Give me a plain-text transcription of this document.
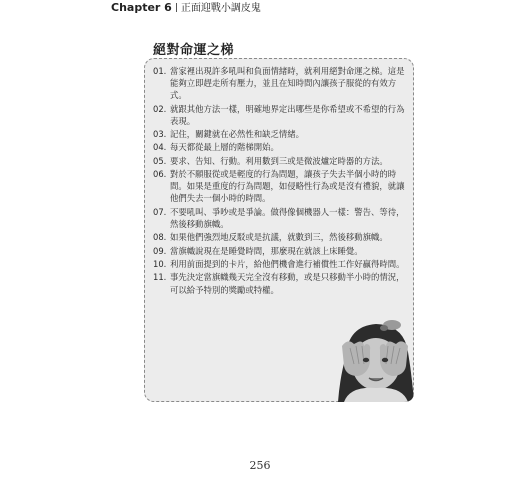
Chapter 6 正面迎戰小調皮鬼
絕對命運之梯
01. 當家裡出現許多吼叫和負面情緒時，就利用絕對命運之梯。這是能夠立即趕走所有壓力，並且在知時間內讓孩子服從的有效方式。
02. 就跟其他方法一樣，明確地界定出哪些是你希望或不希望的行為表現。
03. 記住，關鍵就在必然性和缺乏情緒。
04. 每天都從最上層的階梯開始。
05. 要求、告知、行動。利用數到三或是微波爐定時器的方法。
06. 對於不願服從或是輕度的行為問題，讓孩子失去半個小時的時間。如果是重度的行為問題，如侵略性行為或是沒有禮貌，就讓他們失去一個小時的時間。
07. 不要吼叫、爭吵或是爭論。做得像個機器人一樣：警告、等待，然後移動旗幟。
08. 如果他們強烈地反駁或是抗議，就數到三，然後移動旗幟。
09. 當旗幟說現在是睡覺時間，那麼現在就該上床睡覺。
10. 利用前面提到的卡片，給他們機會進行補償性工作好贏得時間。
11. 事先決定當旗幟幾天完全沒有移動，或是只移動半小時的情況，可以給予特別的獎勵或特權。
256
